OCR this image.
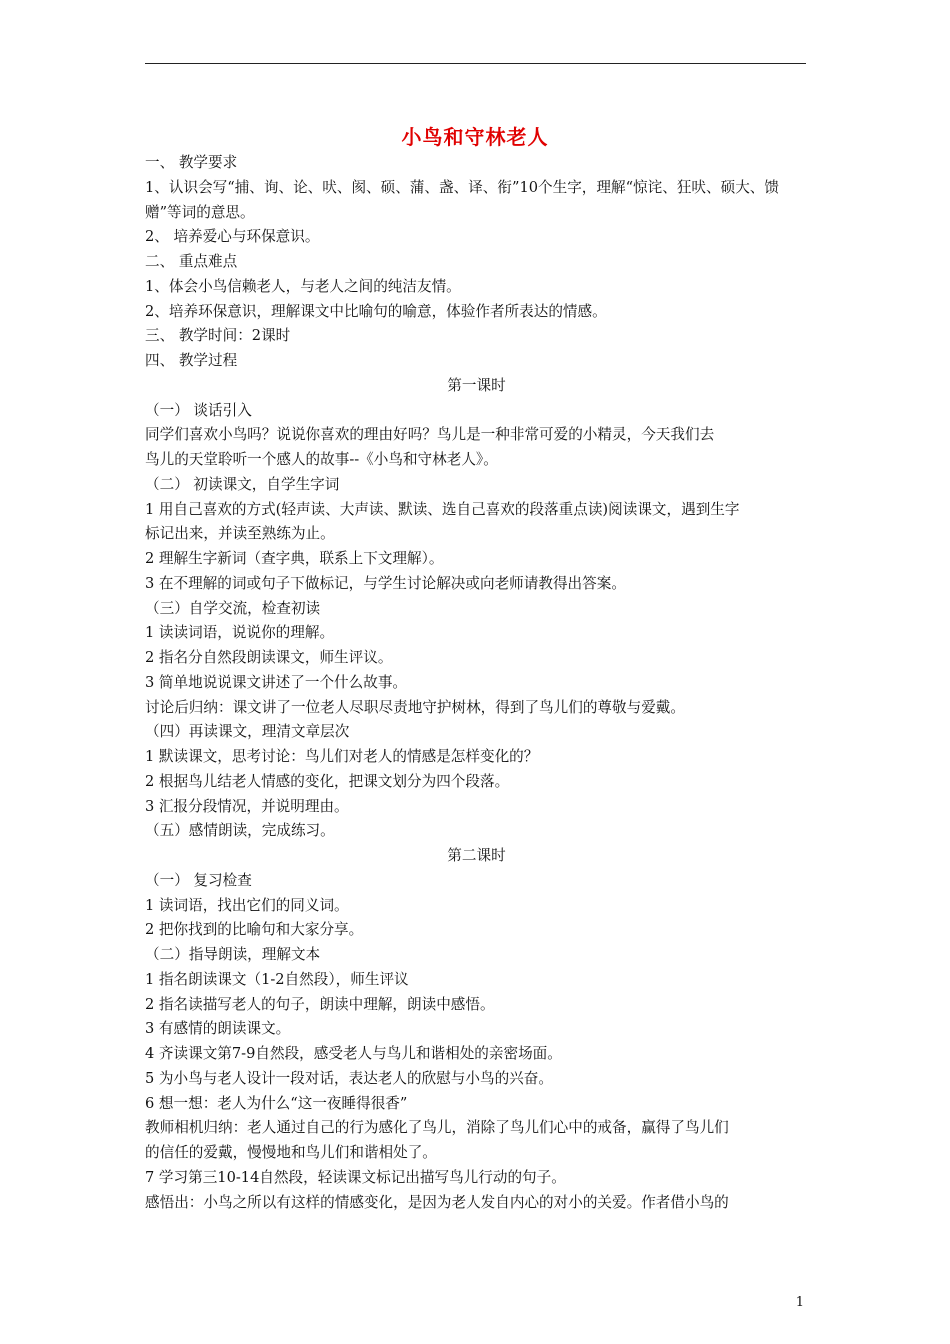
小鸟和守林老人
一、 教学要求
1、认识会写“捕、询、论、吠、阂、硕、蒲、盏、译、衔”10个生字，理解“惊诧、狂吠、硕大、馈
赠”等词的意思。
2、 培养爱心与环保意识。
二、 重点难点
1、体会小鸟信赖老人，与老人之间的纯洁友情。
2、培养环保意识，理解课文中比喻句的喻意，体验作者所表达的情感。
三、 教学时间：2课时
四、 教学过程
第一课时
（一） 谈话引入
同学们喜欢小鸟吗？说说你喜欢的理由好吗？鸟儿是一种非常可爱的小精灵，今天我们去
鸟儿的天堂聆听一个感人的故事--《小鸟和守林老人》。
（二） 初读课文，自学生字词
1 用自己喜欢的方式(轻声读、大声读、默读、选自己喜欢的段落重点读)阅读课文，遇到生字
标记出来，并读至熟练为止。
2 理解生字新词（查字典，联系上下文理解）。
3 在不理解的词或句子下做标记，与学生讨论解决或向老师请教得出答案。
（三）自学交流，检查初读
1 读读词语，说说你的理解。
2 指名分自然段朗读课文，师生评议。
3 简单地说说课文讲述了一个什么故事。
讨论后归纳：课文讲了一位老人尽职尽责地守护树林，得到了鸟儿们的尊敬与爱戴。
（四）再读课文，理清文章层次
1 默读课文，思考讨论：鸟儿们对老人的情感是怎样变化的？
2 根据鸟儿结老人情感的变化，把课文划分为四个段落。
3 汇报分段情况，并说明理由。
（五）感情朗读，完成练习。
第二课时
（一） 复习检查
1 读词语，找出它们的同义词。
2 把你找到的比喻句和大家分享。
（二）指导朗读，理解文本
1 指名朗读课文（1-2自然段），师生评议
2 指名读描写老人的句子，朗读中理解，朗读中感悟。
3 有感情的朗读课文。
4 齐读课文第7-9自然段，感受老人与鸟儿和谐相处的亲密场面。
5 为小鸟与老人设计一段对话，表达老人的欣慰与小鸟的兴奋。
6 想一想：老人为什么“这一夜睡得很香”
教师相机归纳：老人通过自己的行为感化了鸟儿，消除了鸟儿们心中的戒备，赢得了鸟儿们
的信任的爱戴，慢慢地和鸟儿们和谐相处了。
7 学习第三10-14自然段，轻读课文标记出描写鸟儿行动的句子。
感悟出：小鸟之所以有这样的情感变化，是因为老人发自内心的对小的关爱。作者借小鸟的
1
